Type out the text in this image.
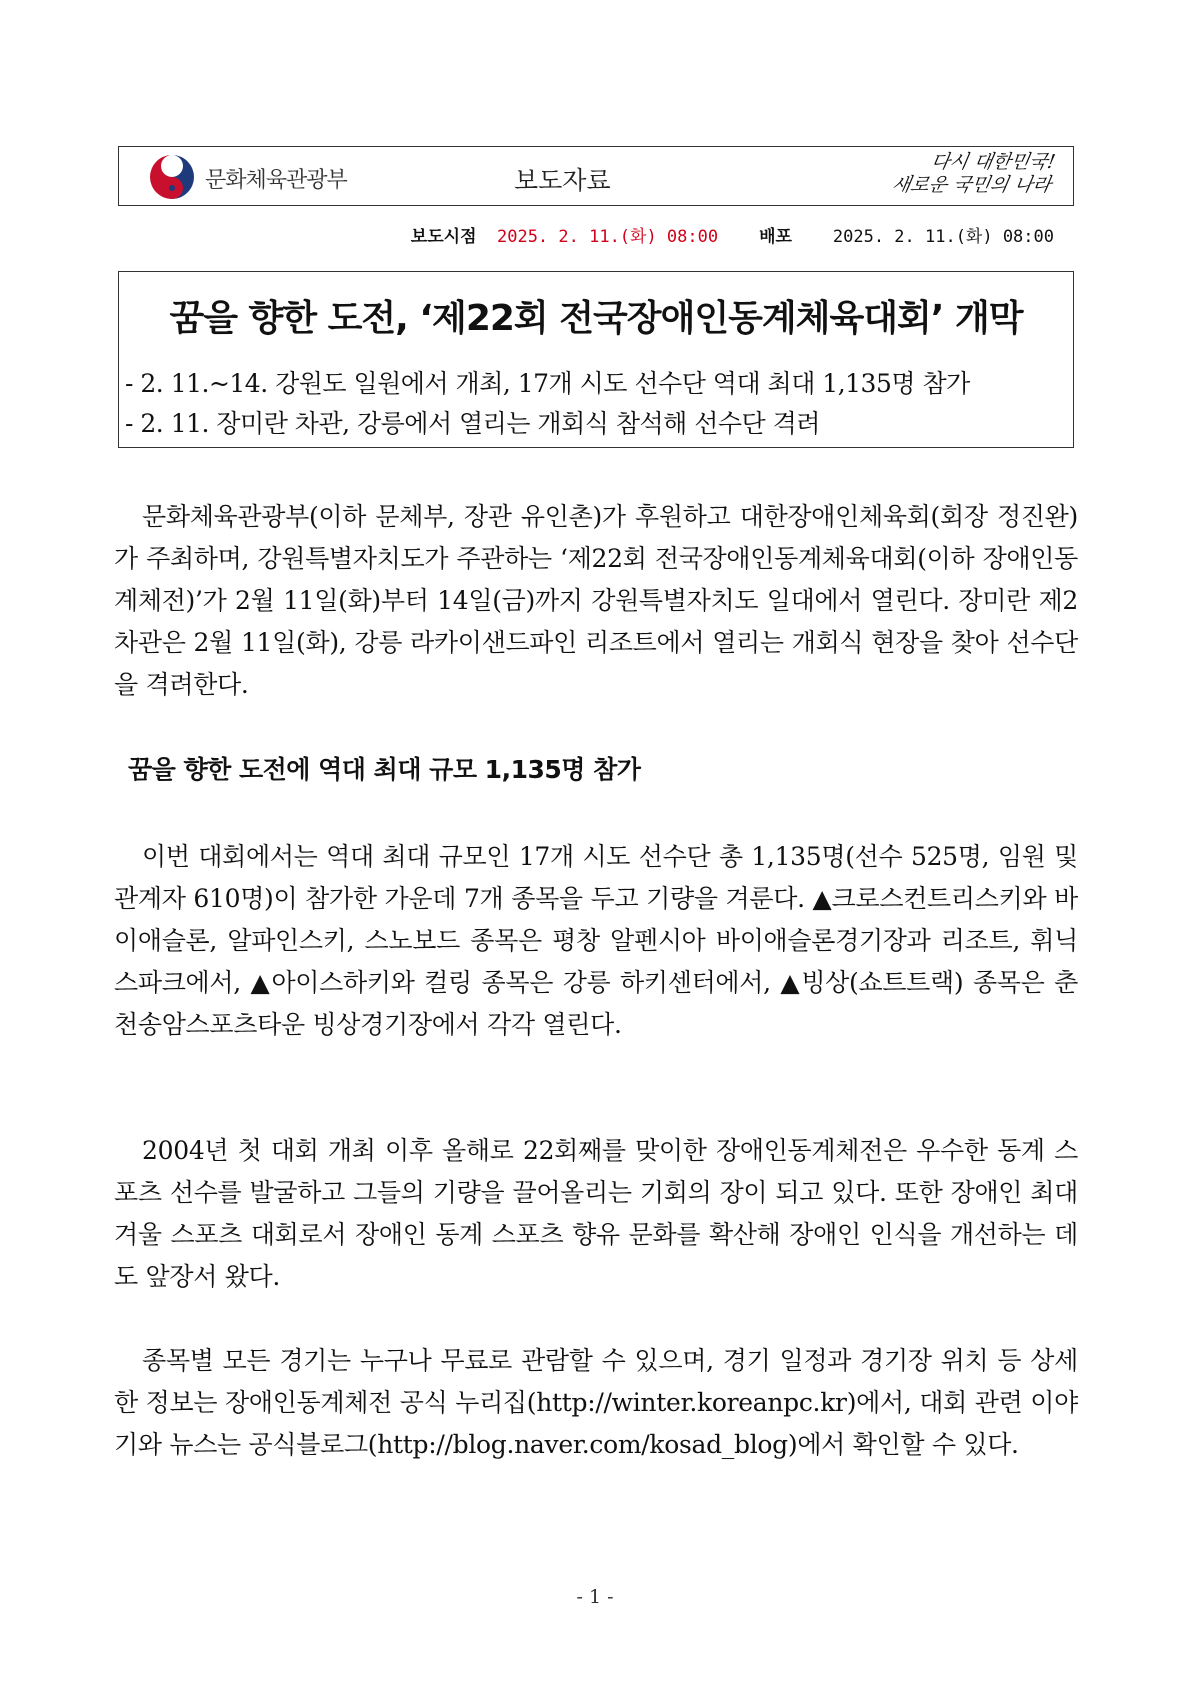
문화체육관광부	보도자료
다시 대한민국!
새로운 국민의 나라
보도시점 2025. 2. 11.(화) 08:00 배포 2025. 2. 11.(화) 08:00
꿈을 향한 도전, ‘제22회 전국장애인동계체육대회’ 개막
- 2. 11.~14. 강원도 일원에서 개최, 17개 시도 선수단 역대 최대 1,135명 참가
- 2. 11. 장미란 차관, 강릉에서 열리는 개회식 참석해 선수단 격려

문화체육관광부(이하 문체부, 장관 유인촌)가 후원하고 대한장애인체육회(회장 정진완)가 주최하며, 강원특별자치도가 주관하는 ‘제22회 전국장애인동계체육대회(이하 장애인동계체전)’가 2월 11일(화)부터 14일(금)까지 강원특별자치도 일대에서 열린다. 장미란 제2차관은 2월 11일(화), 강릉 라카이샌드파인 리조트에서 열리는 개회식 현장을 찾아 선수단을 격려한다.

꿈을 향한 도전에 역대 최대 규모 1,135명 참가

이번 대회에서는 역대 최대 규모인 17개 시도 선수단 총 1,135명(선수 525명, 임원 및 관계자 610명)이 참가한 가운데 7개 종목을 두고 기량을 겨룬다. ▲크로스컨트리스키와 바이애슬론, 알파인스키, 스노보드 종목은 평창 알펜시아 바이애슬론경기장과 리조트, 휘닉스파크에서, ▲아이스하키와 컬링 종목은 강릉 하키센터에서, ▲빙상(쇼트트랙) 종목은 춘천송암스포츠타운 빙상경기장에서 각각 열린다.

2004년 첫 대회 개최 이후 올해로 22회째를 맞이한 장애인동계체전은 우수한 동계 스포츠 선수를 발굴하고 그들의 기량을 끌어올리는 기회의 장이 되고 있다. 또한 장애인 최대 겨울 스포츠 대회로서 장애인 동계 스포츠 향유 문화를 확산해 장애인 인식을 개선하는 데도 앞장서 왔다.

종목별 모든 경기는 누구나 무료로 관람할 수 있으며, 경기 일정과 경기장 위치 등 상세한 정보는 장애인동계체전 공식 누리집(http://winter.koreanpc.kr)에서, 대회 관련 이야기와 뉴스는 공식블로그(http://blog.naver.com/kosad_blog)에서 확인할 수 있다.

- 1 -
